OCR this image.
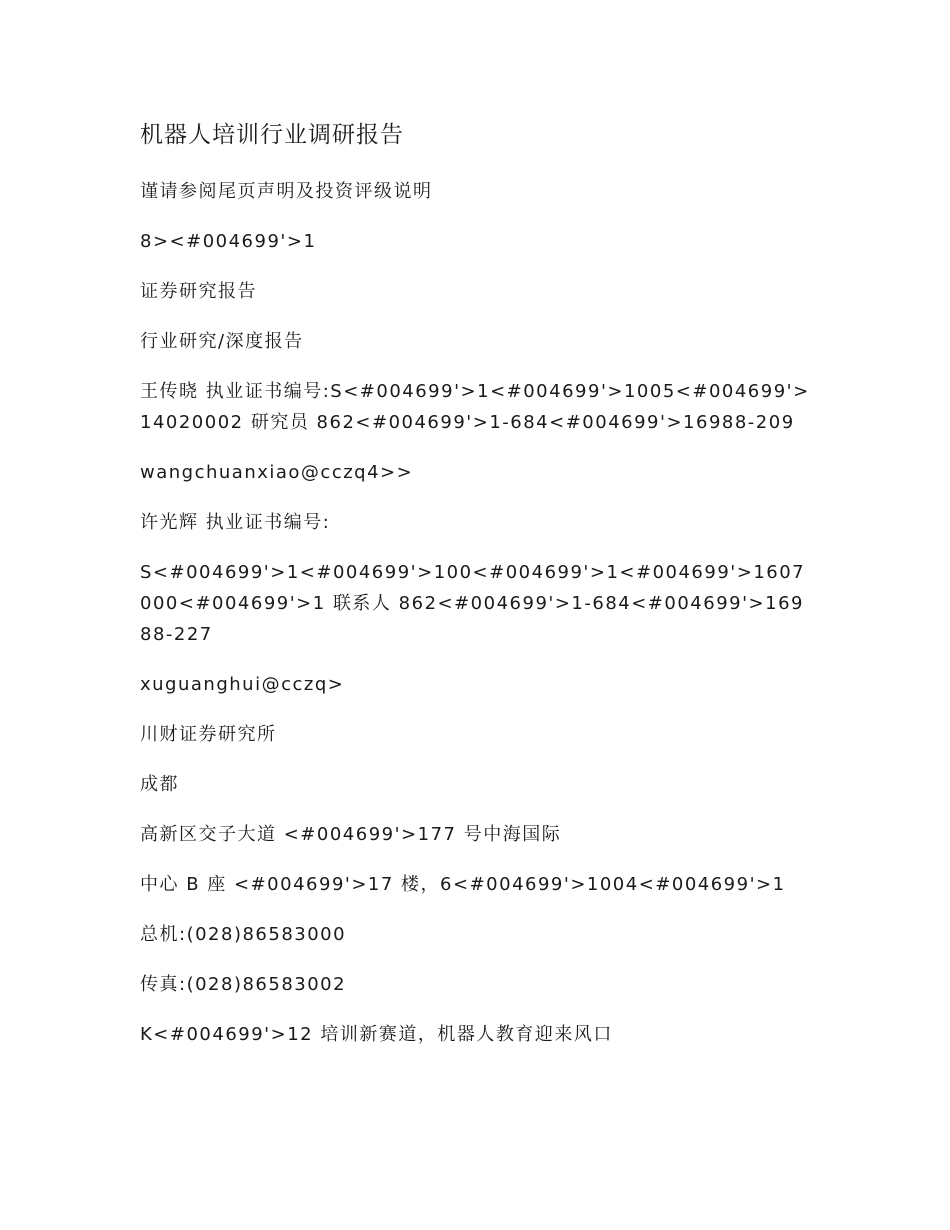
机器人培训行业调研报告

谨请参阅尾页声明及投资评级说明

8><#004699'>1

证券研究报告

行业研究/深度报告

王传晓 执业证书编号:S<#004699'>1<#004699'>1005<#004699'>14020002 研究员 862<#004699'>1-684<#004699'>16988-209

wangchuanxiao@cczq4>>

许光辉 执业证书编号:

S<#004699'>1<#004699'>100<#004699'>1<#004699'>1607000<#004699'>1 联系人 862<#004699'>1-684<#004699'>16988-227

xuguanghui@cczq>

川财证券研究所

成都

高新区交子大道 <#004699'>177 号中海国际

中心 B 座 <#004699'>17 楼，6<#004699'>1004<#004699'>1

总机:(028)86583000

传真:(028)86583002

K<#004699'>12 培训新赛道，机器人教育迎来风口
